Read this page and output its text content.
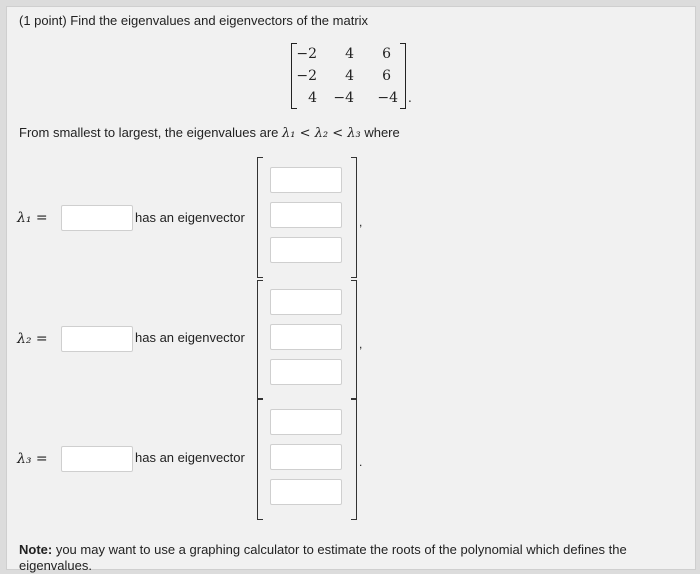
(1 point) Find the eigenvalues and eigenvectors of the matrix
−2	4	6
−2	4	6
4	−4	−4 .
From smallest to largest, the eigenvalues are λ₁ < λ₂ < λ₃ where
λ₁ =	has an eigenvector	,
λ₂ =	has an eigenvector	,
λ₃ =	has an eigenvector	.
Note: you may want to use a graphing calculator to estimate the roots of the polynomial which defines the eigenvalues.
